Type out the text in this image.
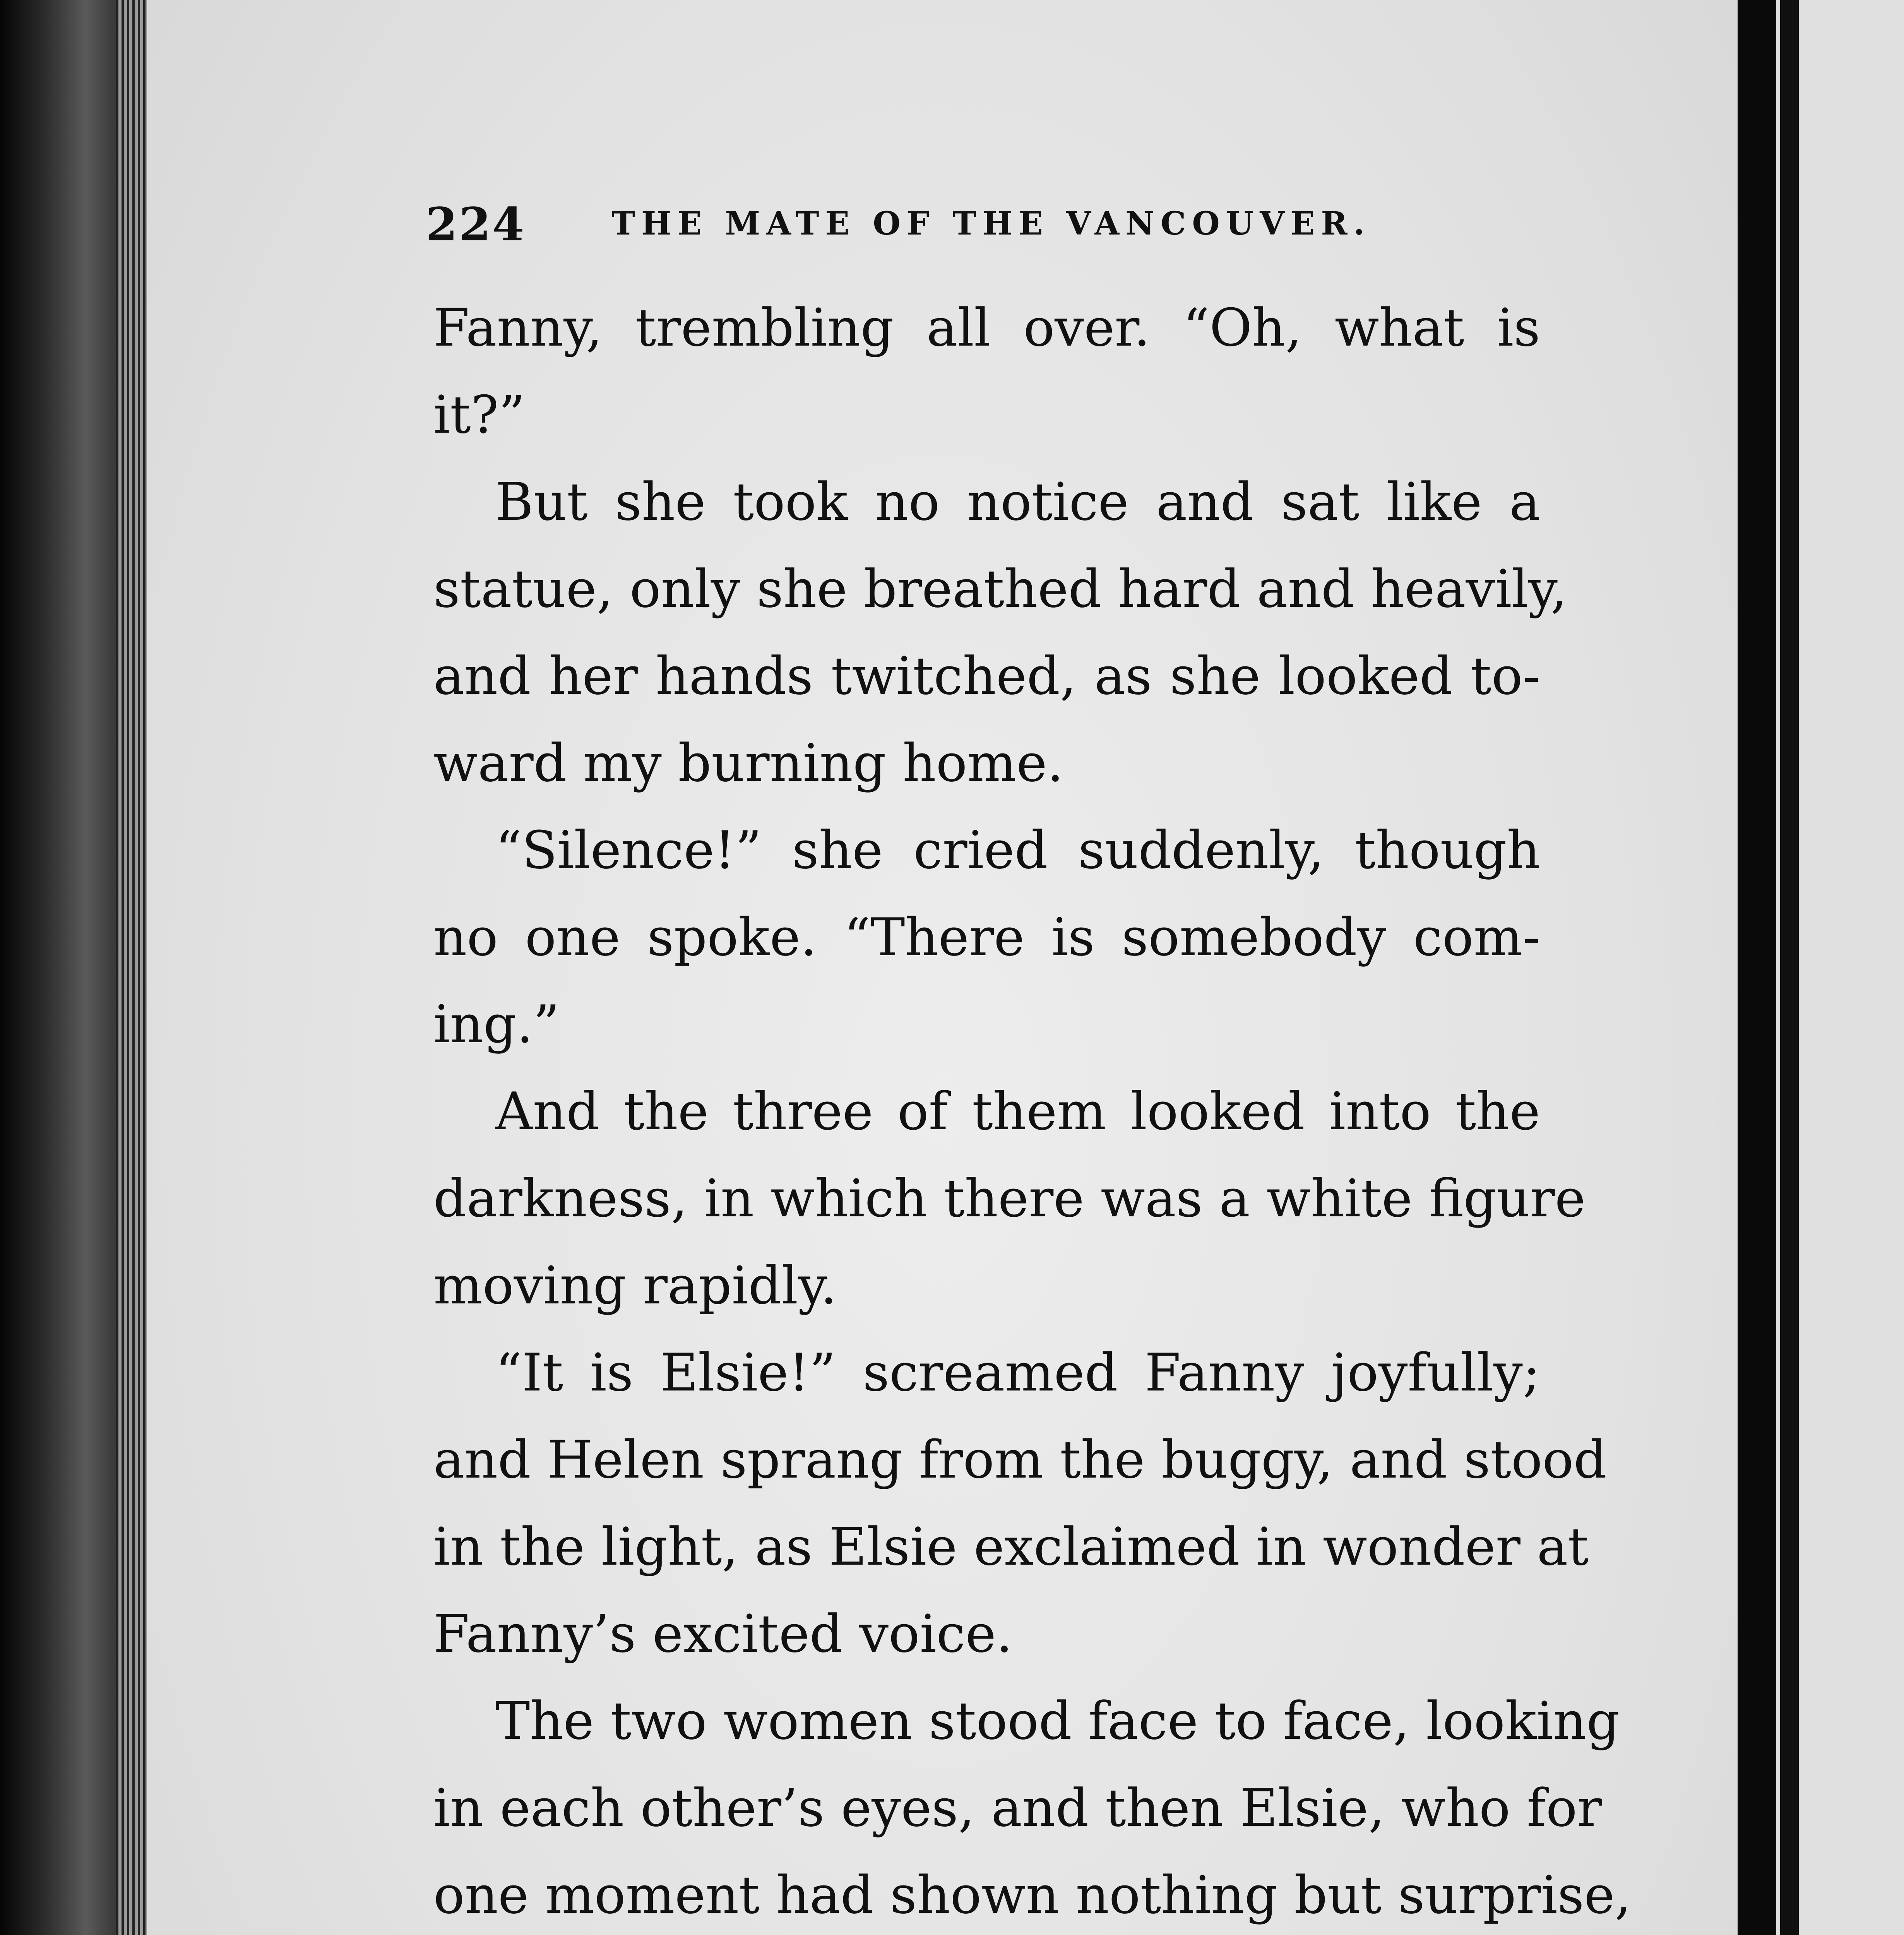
224	THE MATE OF THE VANCOUVER.
Fanny, trembling all over. “Oh, what is
it?”
But she took no notice and sat like a
statue, only she breathed hard and heavily,
and her hands twitched, as she looked to-
ward my burning home.
“Silence!” she cried suddenly, though
no one spoke. “There is somebody com-
ing.”
And the three of them looked into the
darkness, in which there was a white figure
moving rapidly.
“It is Elsie!” screamed Fanny joyfully;
and Helen sprang from the buggy, and stood
in the light, as Elsie exclaimed in wonder at
Fanny’s excited voice.
The two women stood face to face, looking
in each other’s eyes, and then Elsie, who for
one moment had shown nothing but surprise,
